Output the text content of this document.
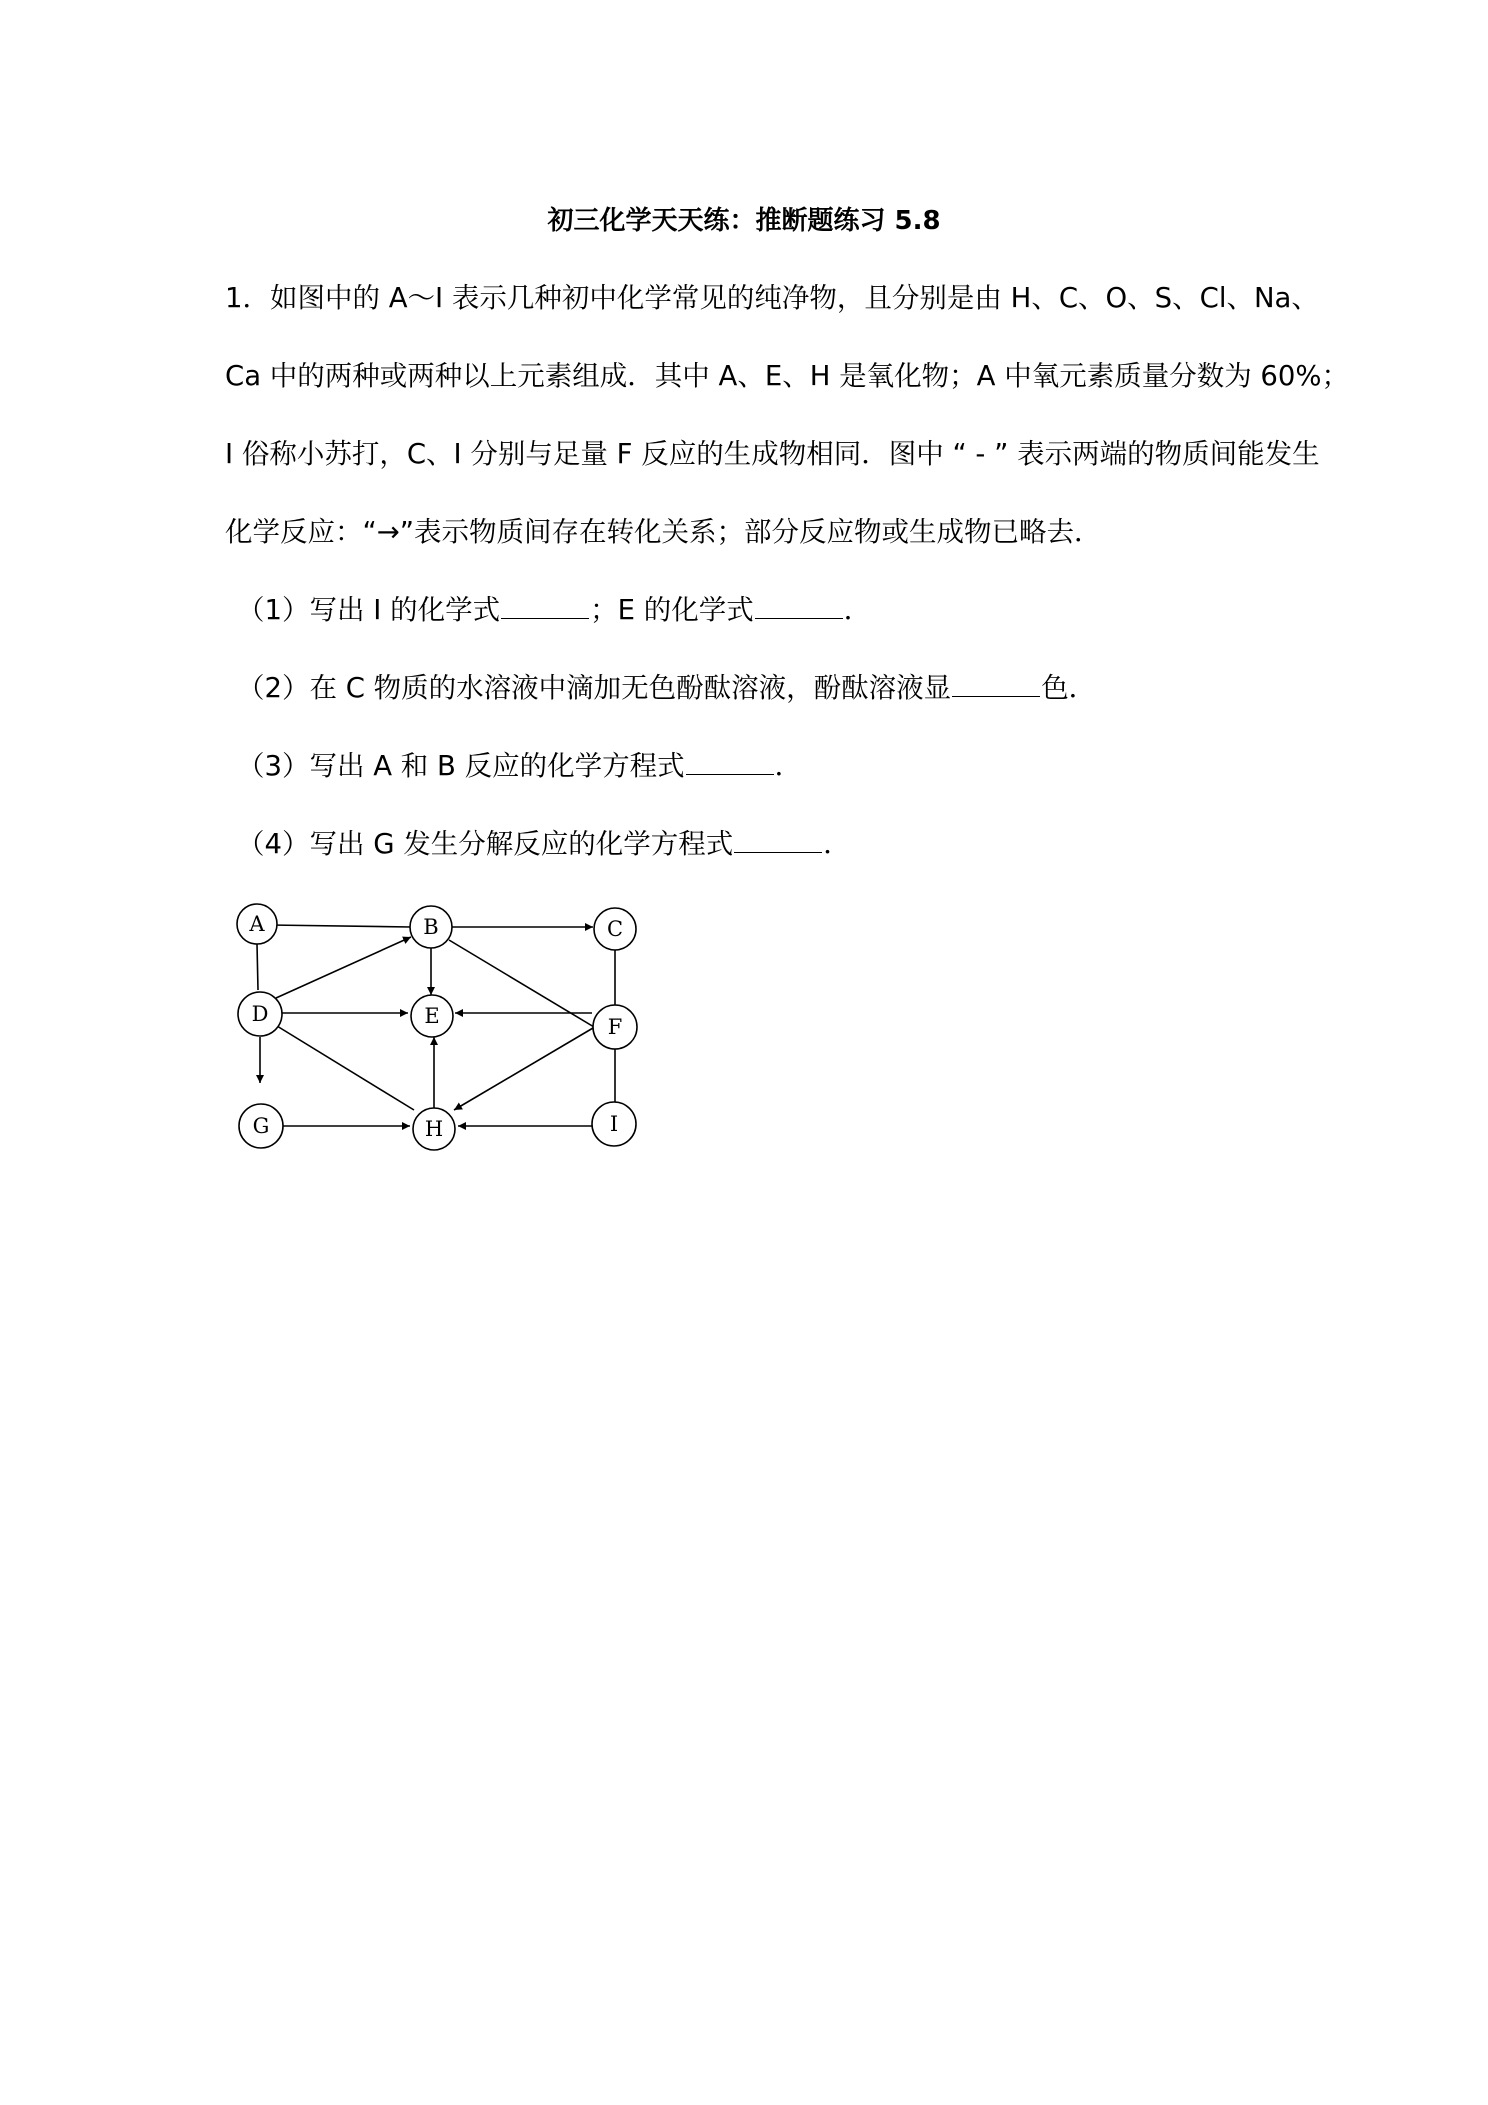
初三化学天天练：推断题练习 5.8
1．如图中的 A～I 表示几种初中化学常见的纯净物，且分别是由 H、C、O、S、Cl、Na、
Ca 中的两种或两种以上元素组成．其中 A、E、H 是氧化物；A 中氧元素质量分数为 60%；
I 俗称小苏打，C、I 分别与足量 F 反应的生成物相同．图中 “ - ” 表示两端的物质间能发生
化学反应：“→”表示物质间存在转化关系；部分反应物或生成物已略去．
（1）写出 I 的化学式	；E 的化学式	．
（2）在 C 物质的水溶液中滴加无色酚酞溶液，酚酞溶液显	色．
（3）写出 A 和 B 反应的化学方程式	．
（4）写出 G 发生分解反应的化学方程式	．
A	B	C
D	E	F
G	H	I
